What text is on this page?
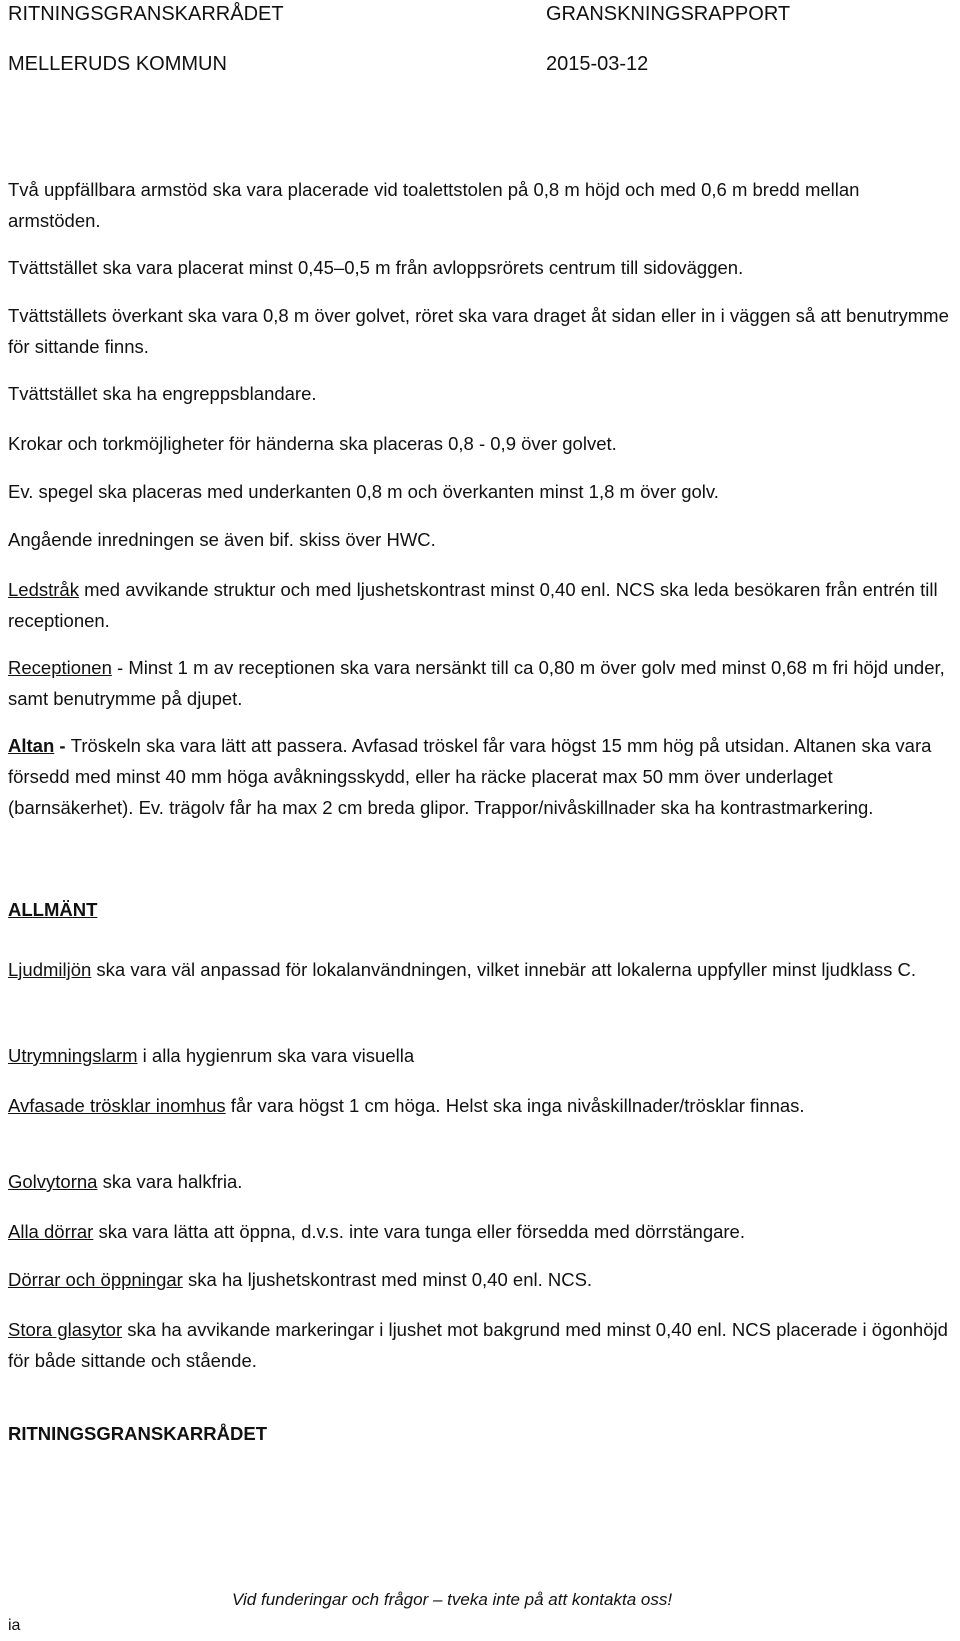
RITNINGSGRANSKARRÅDET	GRANSKNINGSRAPPORT
MELLERUDS KOMMUN	2015-03-12

Två uppfällbara armstöd ska vara placerade vid toalettstolen på 0,8 m höjd och med 0,6 m bredd mellan armstöden.

Tvättstället ska vara placerat minst 0,45–0,5 m från avloppsrörets centrum till sidoväggen.

Tvättställets överkant ska vara 0,8 m över golvet, röret ska vara draget åt sidan eller in i väggen så att benutrymme för sittande finns.

Tvättstället ska ha engreppsblandare.

Krokar och torkmöjligheter för händerna ska placeras 0,8 - 0,9 över golvet.

Ev. spegel ska placeras med underkanten 0,8 m och överkanten minst 1,8 m över golv.

Angående inredningen se även bif. skiss över HWC.

Ledstråk med avvikande struktur och med ljushetskontrast minst 0,40 enl. NCS ska leda besökaren från entrén till receptionen.

Receptionen - Minst 1 m av receptionen ska vara nersänkt till ca 0,80 m över golv med minst 0,68 m fri höjd under, samt benutrymme på djupet.

Altan - Tröskeln ska vara lätt att passera. Avfasad tröskel får vara högst 15 mm hög på utsidan. Altanen ska vara försedd med minst 40 mm höga avåkningsskydd, eller ha räcke placerat max 50 mm över underlaget (barnsäkerhet). Ev. trägolv får ha max 2 cm breda glipor. Trappor/nivåskillnader ska ha kontrastmarkering.

ALLMÄNT

Ljudmiljön ska vara väl anpassad för lokalanvändningen, vilket innebär att lokalerna uppfyller minst ljudklass C.

Utrymningslarm i alla hygienrum ska vara visuella

Avfasade trösklar inomhus får vara högst 1 cm höga. Helst ska inga nivåskillnader/trösklar finnas.

Golvytorna ska vara halkfria.

Alla dörrar ska vara lätta att öppna, d.v.s. inte vara tunga eller försedda med dörrstängare.

Dörrar och öppningar ska ha ljushetskontrast med minst 0,40 enl. NCS.

Stora glasytor ska ha avvikande markeringar i ljushet mot bakgrund med minst 0,40 enl. NCS placerade i ögonhöjd för både sittande och stående.

RITNINGSGRANSKARRÅDET

Vid funderingar och frågor – tveka inte på att kontakta oss!
ia
